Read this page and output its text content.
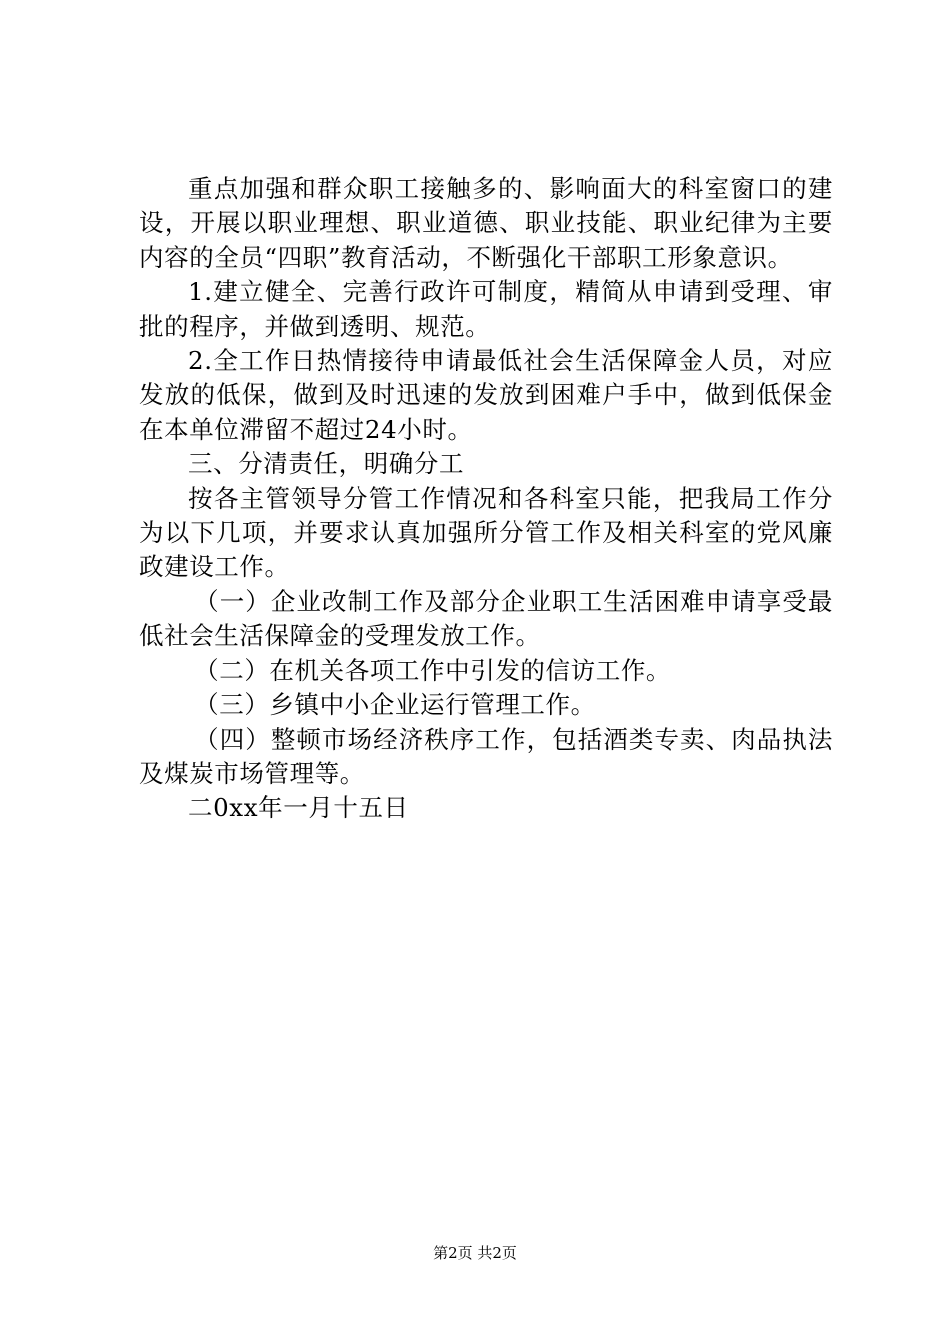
重点加强和群众职工接触多的、影响面大的科室窗口的建设，开展以职业理想、职业道德、职业技能、职业纪律为主要内容的全员“四职”教育活动，不断强化干部职工形象意识。

1.建立健全、完善行政许可制度，精简从申请到受理、审批的程序，并做到透明、规范。

2.全工作日热情接待申请最低社会生活保障金人员，对应发放的低保，做到及时迅速的发放到困难户手中，做到低保金在本单位滞留不超过24小时。

三、分清责任，明确分工

按各主管领导分管工作情况和各科室只能，把我局工作分为以下几项，并要求认真加强所分管工作及相关科室的党风廉政建设工作。

（一）企业改制工作及部分企业职工生活困难申请享受最低社会生活保障金的受理发放工作。

（二）在机关各项工作中引发的信访工作。

（三）乡镇中小企业运行管理工作。

（四）整顿市场经济秩序工作，包括酒类专卖、肉品执法及煤炭市场管理等。

二0xx年一月十五日

第2页 共2页
